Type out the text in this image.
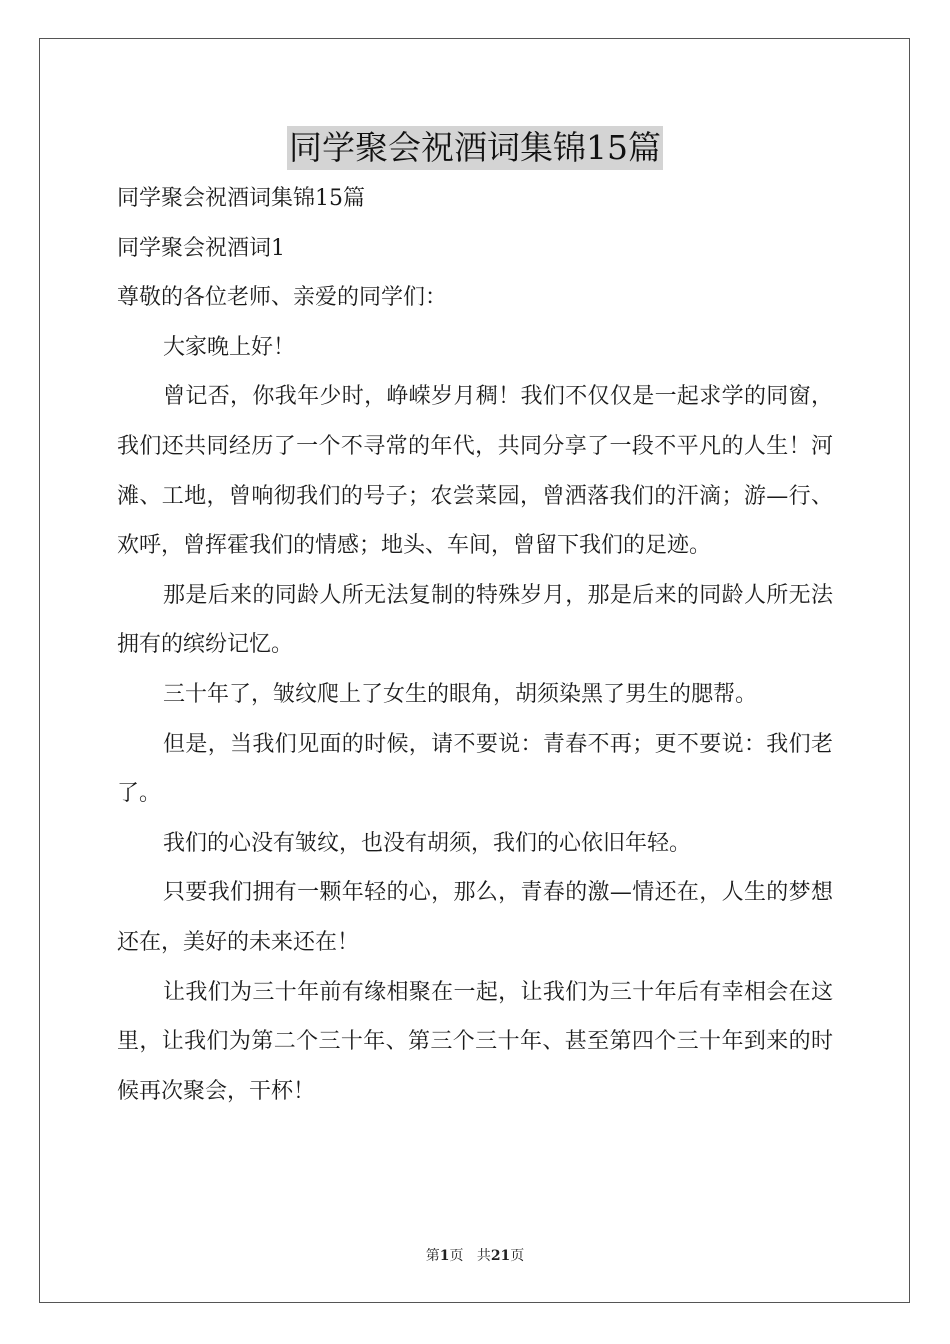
同学聚会祝酒词集锦15篇

同学聚会祝酒词集锦15篇

同学聚会祝酒词1

尊敬的各位老师、亲爱的同学们：

大家晚上好！

曾记否，你我年少时，峥嵘岁月稠！我们不仅仅是一起求学的同窗，我们还共同经历了一个不寻常的年代，共同分享了一段不平凡的人生！河滩、工地，曾响彻我们的号子；农尝菜园，曾洒落我们的汗滴；游—行、欢呼，曾挥霍我们的情感；地头、车间，曾留下我们的足迹。

那是后来的同龄人所无法复制的特殊岁月，那是后来的同龄人所无法拥有的缤纷记忆。

三十年了，皱纹爬上了女生的眼角，胡须染黑了男生的腮帮。

但是，当我们见面的时候，请不要说：青春不再；更不要说：我们老了。

我们的心没有皱纹，也没有胡须，我们的心依旧年轻。

只要我们拥有一颗年轻的心，那么，青春的激—情还在，人生的梦想还在，美好的未来还在！

让我们为三十年前有缘相聚在一起，让我们为三十年后有幸相会在这里，让我们为第二个三十年、第三个三十年、甚至第四个三十年到来的时候再次聚会，干杯！

第1页 共21页
